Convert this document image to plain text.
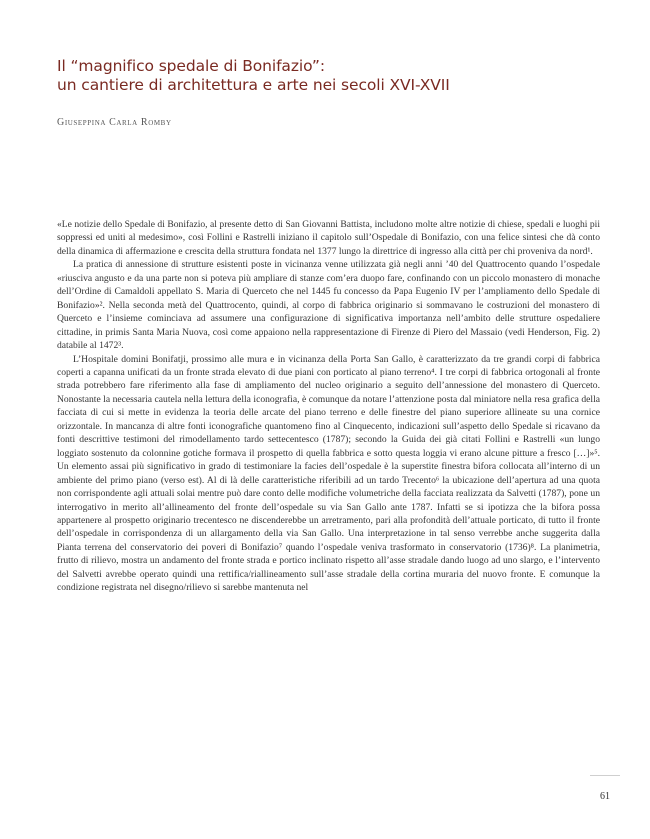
Il “magnifico spedale di Bonifazio”:
un cantiere di architettura e arte nei secoli XVI-XVII
Giuseppina Carla Romby

«Le notizie dello Spedale di Bonifazio, al presente detto di San Giovanni Battista, includono molte altre notizie di chiese, spedali e luoghi pii soppressi ed uniti al medesimo», così Follini e Rastrelli iniziano il capitolo sull’Ospedale di Bonifazio, con una felice sintesi che dà conto della dinamica di affermazione e crescita della struttura fondata nel 1377 lungo la direttrice di ingresso alla città per chi proveniva da nord¹.

La pratica di annessione di strutture esistenti poste in vicinanza venne utilizzata già negli anni ’40 del Quattrocento quando l’ospedale «riusciva angusto e da una parte non si poteva più ampliare di stanze com’era duopo fare, confinando con un piccolo monastero di monache dell’Ordine di Camaldoli appellato S. Maria di Querceto che nel 1445 fu concesso da Papa Eugenio IV per l’ampliamento dello Spedale di Bonifazio»². Nella seconda metà del Quattrocento, quindi, al corpo di fabbrica originario si sommavano le costruzioni del monastero di Querceto e l’insieme cominciava ad assumere una configurazione di significativa importanza nell’ambito delle strutture ospedaliere cittadine, in primis Santa Maria Nuova, così come appaiono nella rappresentazione di Firenze di Piero del Massaio (vedi Henderson, Fig. 2) databile al 1472³.

L’Hospitale domini Bonifatji, prossimo alle mura e in vicinanza della Porta San Gallo, è caratterizzato da tre grandi corpi di fabbrica coperti a capanna unificati da un fronte strada elevato di due piani con porticato al piano terreno⁴. I tre corpi di fabbrica ortogonali al fronte strada potrebbero fare riferimento alla fase di ampliamento del nucleo originario a seguito dell’annessione del monastero di Querceto. Nonostante la necessaria cautela nella lettura della iconografia, è comunque da notare l’attenzione posta dal miniatore nella resa grafica della facciata di cui si mette in evidenza la teoria delle arcate del piano terreno e delle finestre del piano superiore allineate su una cornice orizzontale. In mancanza di altre fonti iconografiche quantomeno fino al Cinquecento, indicazioni sull’aspetto dello Spedale si ricavano da fonti descrittive testimoni del rimodellamento tardo settecentesco (1787); secondo la Guida dei già citati Follini e Rastrelli «un lungo loggiato sostenuto da colonnine gotiche formava il prospetto di quella fabbrica e sotto questa loggia vi erano alcune pitture a fresco […]»⁵. Un elemento assai più significativo in grado di testimoniare la facies dell’ospedale è la superstite finestra bifora collocata all’interno di un ambiente del primo piano (verso est). Al di là delle caratteristiche riferibili ad un tardo Trecento⁶ la ubicazione dell’apertura ad una quota non corrispondente agli attuali solai mentre può dare conto delle modifiche volumetriche della facciata realizzata da Salvetti (1787), pone un interrogativo in merito all’allineamento del fronte dell’ospedale su via San Gallo ante 1787. Infatti se si ipotizza che la bifora possa appartenere al prospetto originario trecentesco ne discenderebbe un arretramento, pari alla profondità dell’attuale porticato, di tutto il fronte dell’ospedale in corrispondenza di un allargamento della via San Gallo. Una interpretazione in tal senso verrebbe anche suggerita dalla Pianta terrena del conservatorio dei poveri di Bonifazio⁷ quando l’ospedale veniva trasformato in conservatorio (1736)⁸. La planimetria, frutto di rilievo, mostra un andamento del fronte strada e portico inclinato rispetto all’asse stradale dando luogo ad uno slargo, e l’intervento del Salvetti avrebbe operato quindi una rettifica/riallineamento sull’asse stradale della cortina muraria del nuovo fronte. E comunque la condizione registrata nel disegno/rilievo si sarebbe mantenuta nel

61
